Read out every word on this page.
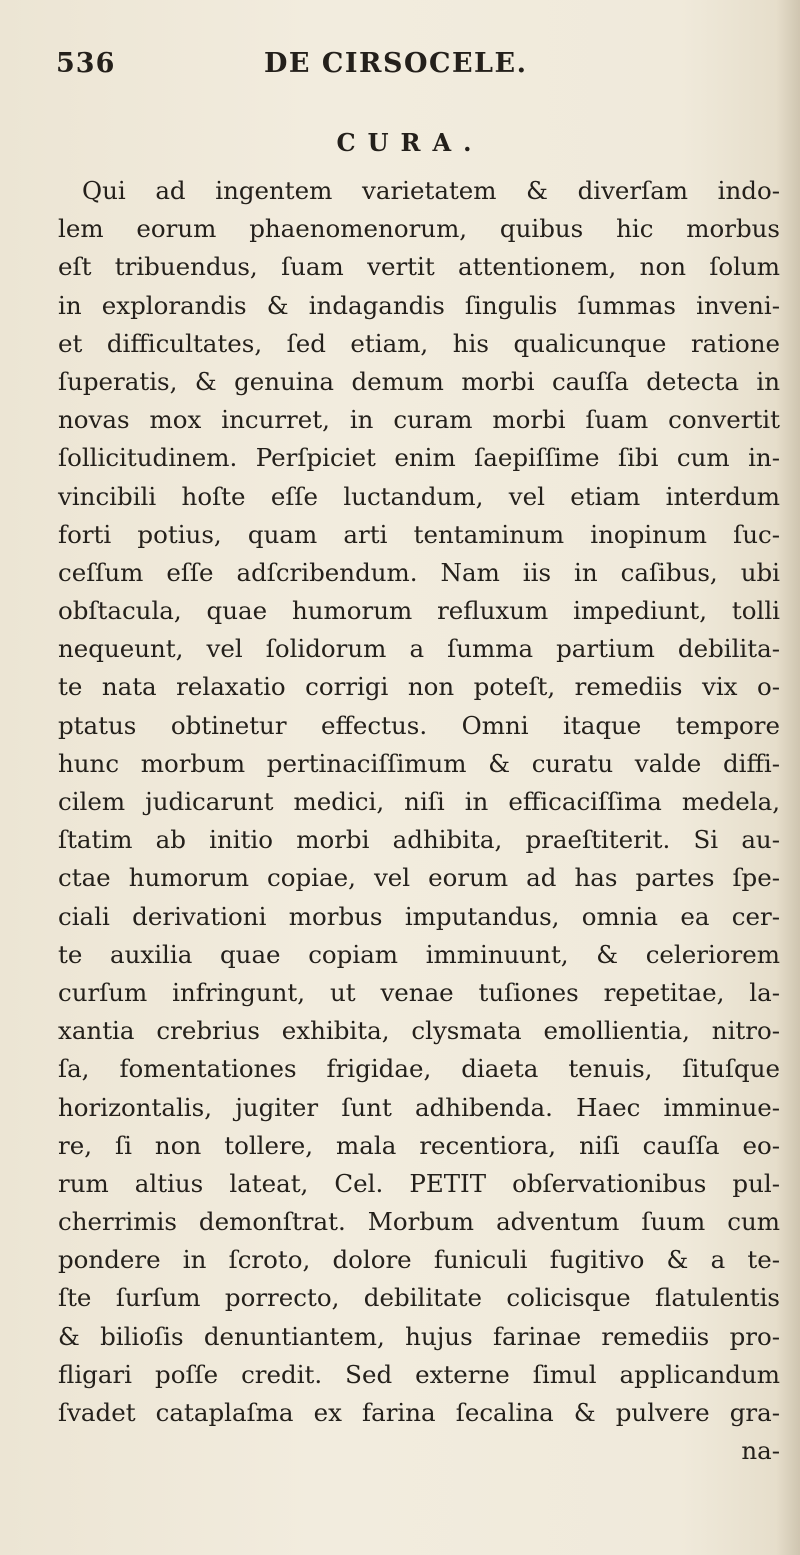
536	DE CIRSOCELE.
CURA.
Qui ad ingentem varietatem & diverſam indo-
lem eorum phaenomenorum, quibus hic morbus
eſt tribuendus, ſuam vertit attentionem, non ſolum
in explorandis & indagandis ſingulis ſummas inveni-
et difficultates, ſed etiam, his qualicunque ratione
ſuperatis, & genuina demum morbi cauſſa detecta in
novas mox incurret, in curam morbi ſuam convertit
ſollicitudinem. Perſpiciet enim ſaepiſſime ſibi cum in-
vincibili hoſte eſſe luctandum, vel etiam interdum
forti potius, quam arti tentaminum inopinum ſuc-
ceſſum eſſe adſcribendum. Nam iis in caſibus, ubi
obſtacula, quae humorum refluxum impediunt, tolli
nequeunt, vel ſolidorum a ſumma partium debilita-
te nata relaxatio corrigi non poteſt, remediis vix o-
ptatus obtinetur effectus. Omni itaque tempore
hunc morbum pertinaciſſimum & curatu valde diffi-
cilem judicarunt medici, niſi in efficaciſſima medela,
ſtatim ab initio morbi adhibita, praeſtiterit. Si au-
ctae humorum copiae, vel eorum ad has partes ſpe-
ciali derivationi morbus imputandus, omnia ea cer-
te auxilia quae copiam imminuunt, & celeriorem
curſum infringunt, ut venae tuſiones repetitae, la-
xantia crebrius exhibita, clysmata emollientia, nitro-
ſa, fomentationes frigidae, diaeta tenuis, ſituſque
horizontalis, jugiter ſunt adhibenda. Haec imminue-
re, ſi non tollere, mala recentiora, niſi cauſſa eo-
rum altius lateat, Cel. PETIT obſervationibus pul-
cherrimis demonſtrat. Morbum adventum ſuum cum
pondere in ſcroto, dolore funiculi fugitivo & a te-
ſte ſurſum porrecto, debilitate colicisque flatulentis
& bilioſis denuntiantem, hujus farinae remediis pro-
fligari poſſe credit. Sed externe ſimul applicandum
ſvadet cataplaſma ex farina ſecalina & pulvere gra-
na-
